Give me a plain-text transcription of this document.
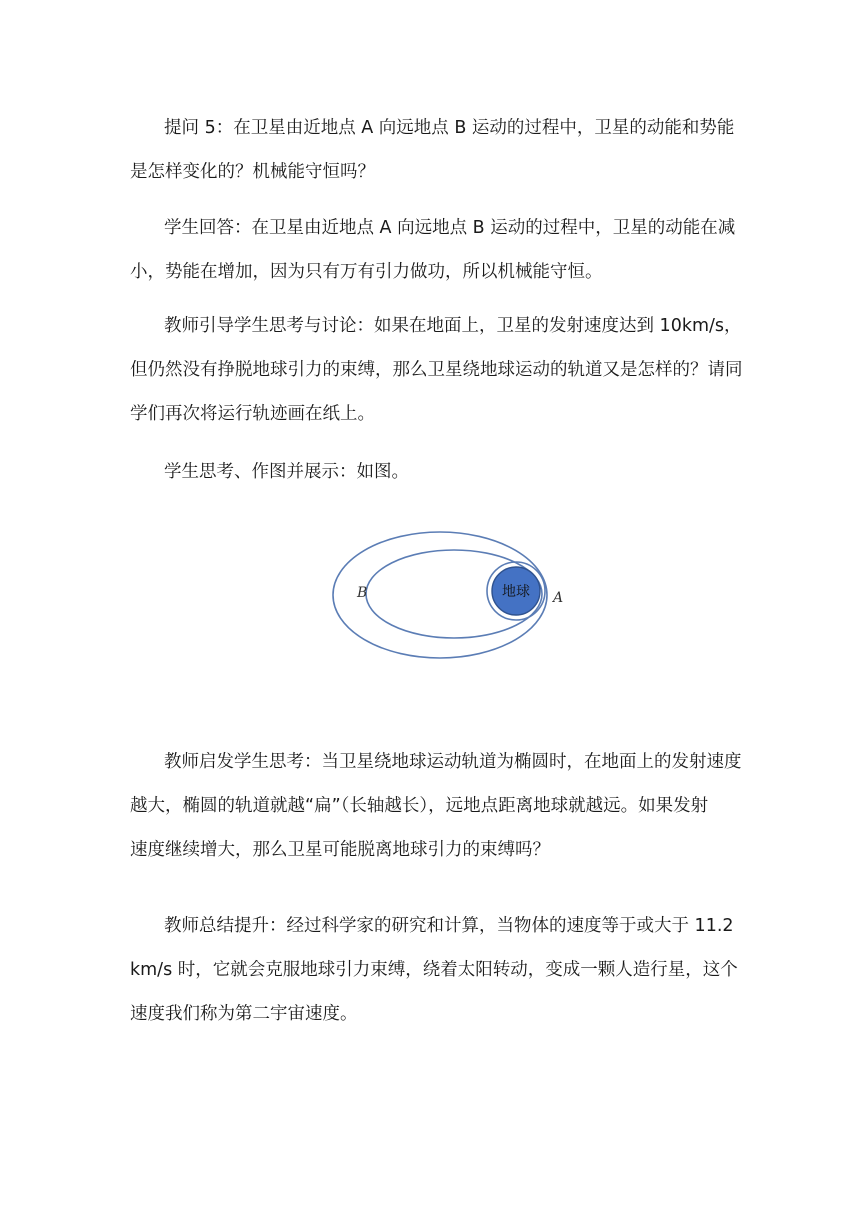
提问 5：在卫星由近地点 A 向远地点 B 运动的过程中，卫星的动能和势能
是怎样变化的？机械能守恒吗？
学生回答：在卫星由近地点 A 向远地点 B 运动的过程中，卫星的动能在减
小，势能在增加，因为只有万有引力做功，所以机械能守恒。
教师引导学生思考与讨论：如果在地面上，卫星的发射速度达到 10km/s，
但仍然没有挣脱地球引力的束缚，那么卫星绕地球运动的轨道又是怎样的？请同
学们再次将运行轨迹画在纸上。
学生思考、作图并展示：如图。
地球
B	A
教师启发学生思考：当卫星绕地球运动轨道为椭圆时，在地面上的发射速度
越大，椭圆的轨道就越“扁”（长轴越长），远地点距离地球就越远。如果发射
速度继续增大，那么卫星可能脱离地球引力的束缚吗？
教师总结提升：经过科学家的研究和计算，当物体的速度等于或大于 11.2
km/s 时，它就会克服地球引力束缚，绕着太阳转动，变成一颗人造行星，这个
速度我们称为第二宇宙速度。
